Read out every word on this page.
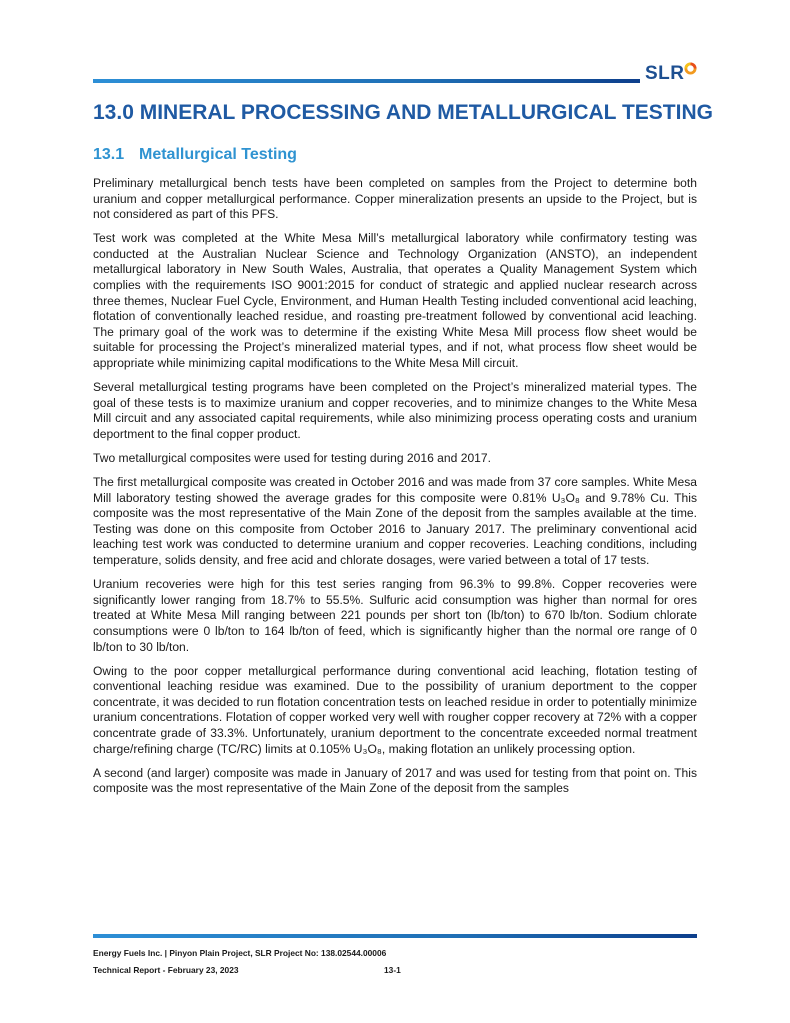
SLR
13.0 MINERAL PROCESSING AND METALLURGICAL TESTING
13.1 Metallurgical Testing

Preliminary metallurgical bench tests have been completed on samples from the Project to determine both uranium and copper metallurgical performance. Copper mineralization presents an upside to the Project, but is not considered as part of this PFS.

Test work was completed at the White Mesa Mill’s metallurgical laboratory while confirmatory testing was conducted at the Australian Nuclear Science and Technology Organization (ANSTO), an independent metallurgical laboratory in New South Wales, Australia, that operates a Quality Management System which complies with the requirements ISO 9001:2015 for conduct of strategic and applied nuclear research across three themes, Nuclear Fuel Cycle, Environment, and Human Health Testing included conventional acid leaching, flotation of conventionally leached residue, and roasting pre-treatment followed by conventional acid leaching. The primary goal of the work was to determine if the existing White Mesa Mill process flow sheet would be suitable for processing the Project’s mineralized material types, and if not, what process flow sheet would be appropriate while minimizing capital modifications to the White Mesa Mill circuit.

Several metallurgical testing programs have been completed on the Project’s mineralized material types. The goal of these tests is to maximize uranium and copper recoveries, and to minimize changes to the White Mesa Mill circuit and any associated capital requirements, while also minimizing process operating costs and uranium deportment to the final copper product.

Two metallurgical composites were used for testing during 2016 and 2017.

The first metallurgical composite was created in October 2016 and was made from 37 core samples. White Mesa Mill laboratory testing showed the average grades for this composite were 0.81% U₃O₈ and 9.78% Cu. This composite was the most representative of the Main Zone of the deposit from the samples available at the time. Testing was done on this composite from October 2016 to January 2017. The preliminary conventional acid leaching test work was conducted to determine uranium and copper recoveries. Leaching conditions, including temperature, solids density, and free acid and chlorate dosages, were varied between a total of 17 tests.

Uranium recoveries were high for this test series ranging from 96.3% to 99.8%. Copper recoveries were significantly lower ranging from 18.7% to 55.5%. Sulfuric acid consumption was higher than normal for ores treated at White Mesa Mill ranging between 221 pounds per short ton (lb/ton) to 670 lb/ton. Sodium chlorate consumptions were 0 lb/ton to 164 lb/ton of feed, which is significantly higher than the normal ore range of 0 lb/ton to 30 lb/ton.

Owing to the poor copper metallurgical performance during conventional acid leaching, flotation testing of conventional leaching residue was examined. Due to the possibility of uranium deportment to the copper concentrate, it was decided to run flotation concentration tests on leached residue in order to potentially minimize uranium concentrations. Flotation of copper worked very well with rougher copper recovery at 72% with a copper concentrate grade of 33.3%. Unfortunately, uranium deportment to the concentrate exceeded normal treatment charge/refining charge (TC/RC) limits at 0.105% U₃O₈, making flotation an unlikely processing option.

A second (and larger) composite was made in January of 2017 and was used for testing from that point on. This composite was the most representative of the Main Zone of the deposit from the samples

Energy Fuels Inc. | Pinyon Plain Project, SLR Project No: 138.02544.00006
Technical Report - February 23, 2023	13-1
